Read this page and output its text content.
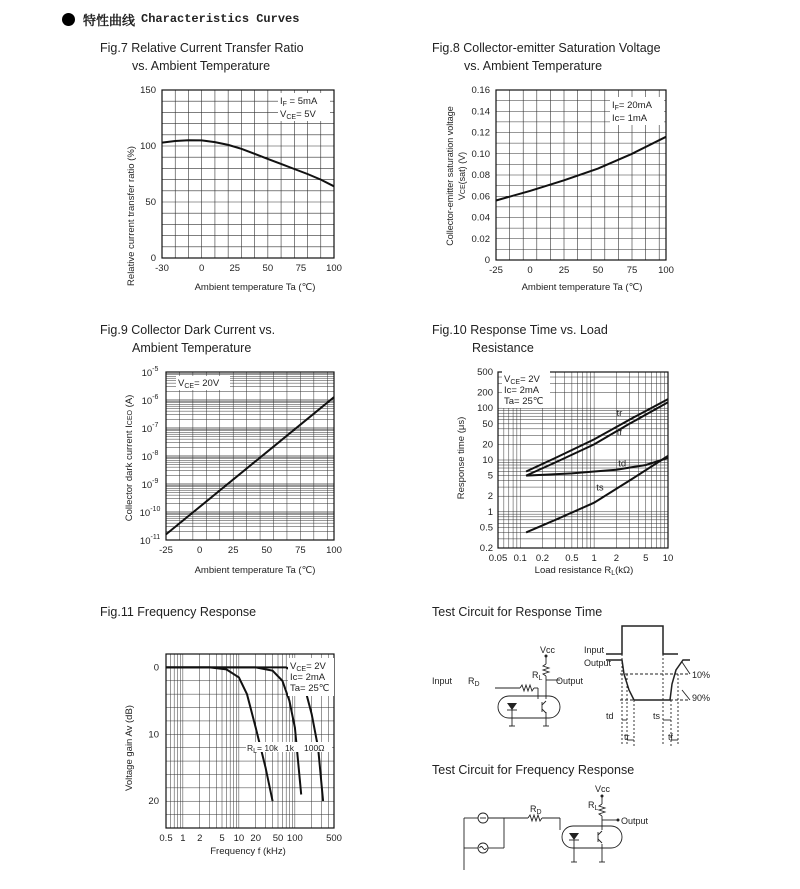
特性曲线 Characteristics Curves
Fig.7 Relative Current Transfer Ratio
vs. Ambient Temperature
Ambient temperature Ta (℃)
Relative current transfer ratio (%) -30	0	25 50 75 100
0
50
100
150
$I_F = 5mA$
$V_{CE}= 5V$
Fig.8 Collector-emitter Saturation Voltage
vs. Ambient Temperature
Ambient temperature Ta (℃)
Collector-emitter saturation voltage VCE(sat) (V)
-25	0	25 50 75 100
0
0.02
0.04
0.06
0.08
0.10
0.12
0.14
0.16
$I_F= 20mA$
Ic= 1mA
Fig.9 Collector Dark Current vs.
Ambient Temperature
Ambient temperature Ta (℃)
Collector dark current ICEO (A)
-25	0	25 50 75 100
$10^{-11}$
$10^{-10}$
$10^{-9}$
$10^{-8}$
$10^{-7}$
$10^{-6}$
$10^{-5}$
$V_{CE}= 20V$
Fig.10 Response Time vs. Load
Resistance
Load resistance $R_L(k\Omega)$
Response time (μs)
0.05 0.1 0.2 0.5 1 2	5 10
0.2
0.5
1
2
5
10
20
50
100
200
500
tr
tf
td
ts
$V_{CE}= 2V$
Ic= 2mA
Ta= 25℃
Fig.11 Frequency Response
Frequency f (kHz)
Voltage gain Av (dB)
0.5 1 2 5 10 20 50 100 500
0
10
20
$V_{CE}= 2V$
Ic= 2mA
Ta= 25℃
$R_L= 10k$ 1k 100Ω
Test Circuit for Response Time
Vcc
Input $R_D$
$R_L$ Output
Input
Output
10%
90%
td	ts
tr	tf
Test Circuit for Frequency Response
Vcc
$R_D$
$R_L$
Output
